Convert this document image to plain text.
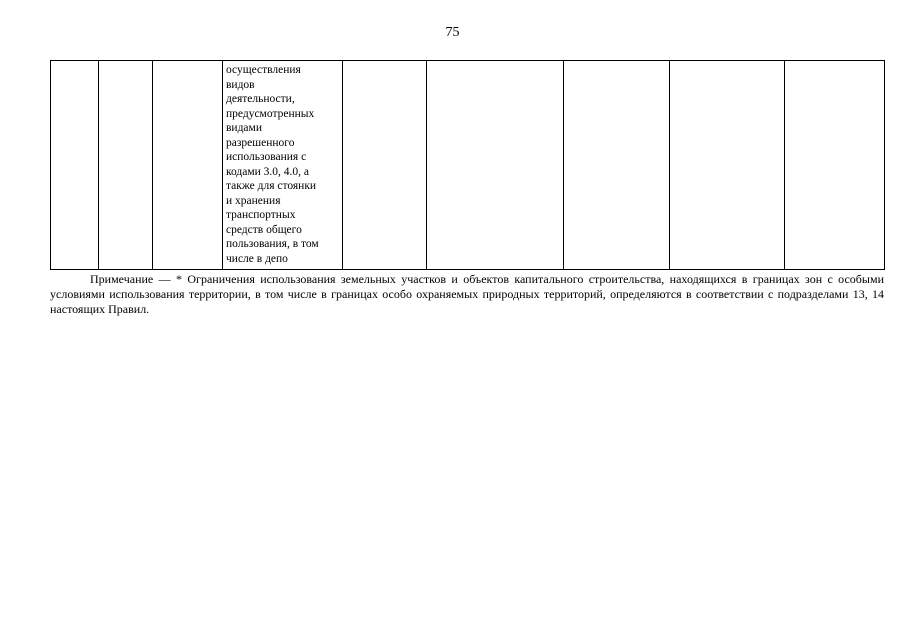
75
			осуществления
видов
деятельности,
предусмотренных
видами
разрешенного
использования с
кодами 3.0, 4.0, а
также для стоянки
и хранения
транспортных
средств общего
пользования, в том
числе в депо					

Примечание — * Ограничения использования земельных участков и объектов капитального строительства, находящихся в границах зон с особыми условиями использования территории, в том числе в границах особо охраняемых природных территорий, определяются в соответствии с подразделами 13, 14 настоящих Правил.
